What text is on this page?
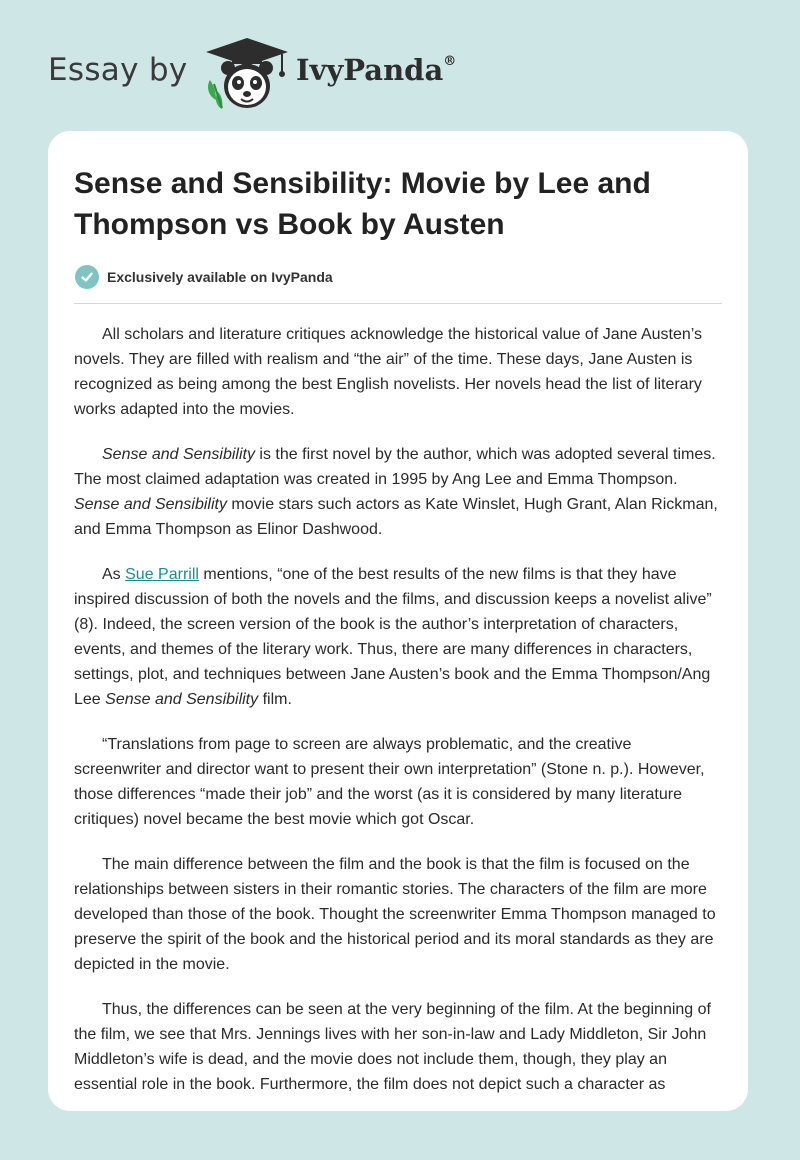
Essay by	IvyPanda®
Sense and Sensibility: Movie by Lee and Thompson vs Book by Austen
Exclusively available on IvyPanda

All scholars and literature critiques acknowledge the historical value of Jane Austen’s novels. They are filled with realism and “the air” of the time. These days, Jane Austen is recognized as being among the best English novelists. Her novels head the list of literary works adapted into the movies.

Sense and Sensibility is the first novel by the author, which was adopted several times. The most claimed adaptation was created in 1995 by Ang Lee and Emma Thompson. Sense and Sensibility movie stars such actors as Kate Winslet, Hugh Grant, Alan Rickman, and Emma Thompson as Elinor Dashwood.

As Sue Parrill mentions, “one of the best results of the new films is that they have inspired discussion of both the novels and the films, and discussion keeps a novelist alive” (8). Indeed, the screen version of the book is the author’s interpretation of characters, events, and themes of the literary work. Thus, there are many differences in characters, settings, plot, and techniques between Jane Austen’s book and the Emma Thompson/Ang Lee Sense and Sensibility film.

“Translations from page to screen are always problematic, and the creative screenwriter and director want to present their own interpretation” (Stone n. p.). However, those differences “made their job” and the worst (as it is considered by many literature critiques) novel became the best movie which got Oscar.

The main difference between the film and the book is that the film is focused on the relationships between sisters in their romantic stories. The characters of the film are more developed than those of the book. Thought the screenwriter Emma Thompson managed to preserve the spirit of the book and the historical period and its moral standards as they are depicted in the movie.

Thus, the differences can be seen at the very beginning of the film. At the beginning of the film, we see that Mrs. Jennings lives with her son-in-law and Lady Middleton, Sir John Middleton’s wife is dead, and the movie does not include them, though, they play an essential role in the book. Furthermore, the film does not depict such a character as
